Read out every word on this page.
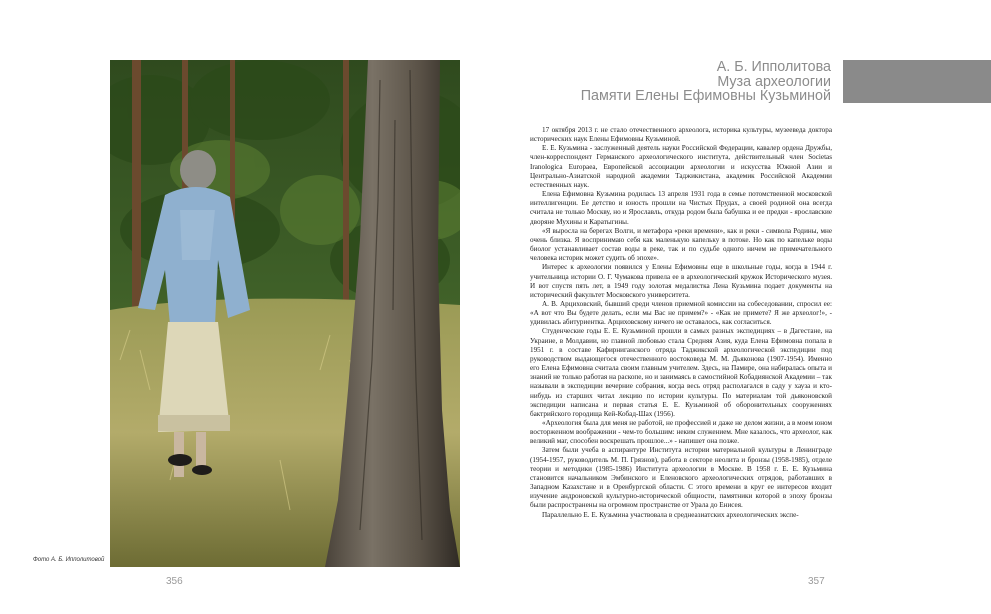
Фото А. Б. Ипполитовой
356
А. Б. Ипполитова
Муза археологии
Памяти Елены Ефимовны Кузьминой

17 октября 2013 г. не стало отечественного археолога, историка культуры, музееведа доктора исторических наук Елены Ефимовны Кузьминой.

Е. Е. Кузьмина - заслуженный деятель науки Российской Федерации, кавалер ордена Дружбы, член-корреспондент Германского археологического института, действительный член Societas Iranologica Europaea, Европейской ассоциации археологии и искусства Южной Азии и Центрально-Азиатской народной академии Таджикистана, академик Российской Академии естественных наук.

Елена Ефимовна Кузьмина родилась 13 апреля 1931 года в семье потомственной московской интеллигенции. Ее детство и юность прошли на Чистых Прудах, а своей родиной она всегда считала не только Москву, но и Ярославль, откуда родом была бабушка и ее предки - ярославские дворяне Мухины и Каратыгины.

«Я выросла на берегах Волги, и метафора «реки времени», как и реки - символа Родины, мне очень близка. Я воспринимаю себя как маленькую капельку в потоке. Но как по капельке воды биолог устанавливает состав воды в реке, так и по судьбе одного ничем не примечательного человека историк может судить об эпохе».

Интерес к археологии появился у Елены Ефимовны еще в школьные годы, когда в 1944 г. учительница истории О. Г. Чумакова привела ее в археологический кружок Исторического музея. И вот спустя пять лет, в 1949 году золотая медалистка Лена Кузьмина подает документы на исторический факультет Московского университета.

А. В. Арциховский, бывший среди членов приемной комиссии на собеседовании, спросил ее: «А вот что Вы будете делать, если мы Вас не примем?» - «Как не примете? Я же археолог!», - удивилась абитуриентка. Арциховскому ничего не оставалось, как согласиться.

Студенческие годы Е. Е. Кузьминой прошли в самых разных экспедициях – в Дагестане, на Украине, в Молдавии, но главной любовью стала Средняя Азия, куда Елена Ефимовна попала в 1951 г. в составе Кафирниганского отряда Таджикской археологической экспедиции под руководством выдающегося отечественного востоковеда М. М. Дьяконова (1907-1954). Именно его Елена Ефимовна считала своим главным учителем. Здесь, на Памире, она набиралась опыта и знаний не только работая на раскопе, но и занимаясь в самостийной Кобадиянской Академии – так называли в экспедиции вечерние собрания, когда весь отряд располагался в саду у хауза и кто-нибудь из старших читал лекцию по истории культуры. По материалам той дьяконовской экспедиции написана и первая статья Е. Е. Кузьминой об оборонительных сооружениях бактрийского городища Кей-Кобад-Шах (1956).

«Археология была для меня не работой, не профессией и даже не делом жизни, а в моем юном восторженном воображении - чем-то большим: неким служением. Мне казалось, что археолог, как великий маг, способен воскрешать прошлое...» - напишет она позже.

Затем были учеба в аспирантуре Института истории материальной культуры в Ленинграде (1954-1957, руководитель М. П. Грязнов), работа в секторе неолита и бронзы (1958-1985), отделе теории и методики (1985-1986) Института археологии в Москве. В 1958 г. Е. Е. Кузьмина становится начальником Эмбинского и Еленовского археологических отрядов, работавших в Западном Казахстане и в Оренбургской области. С этого времени в круг ее интересов входит изучение андроновской культурно-исторической общности, памятники которой в эпоху бронзы были распространены на огромном пространстве от Урала до Енисея.

Параллельно Е. Е. Кузьмина участвовала в среднеазиатских археологических экспе-

357
